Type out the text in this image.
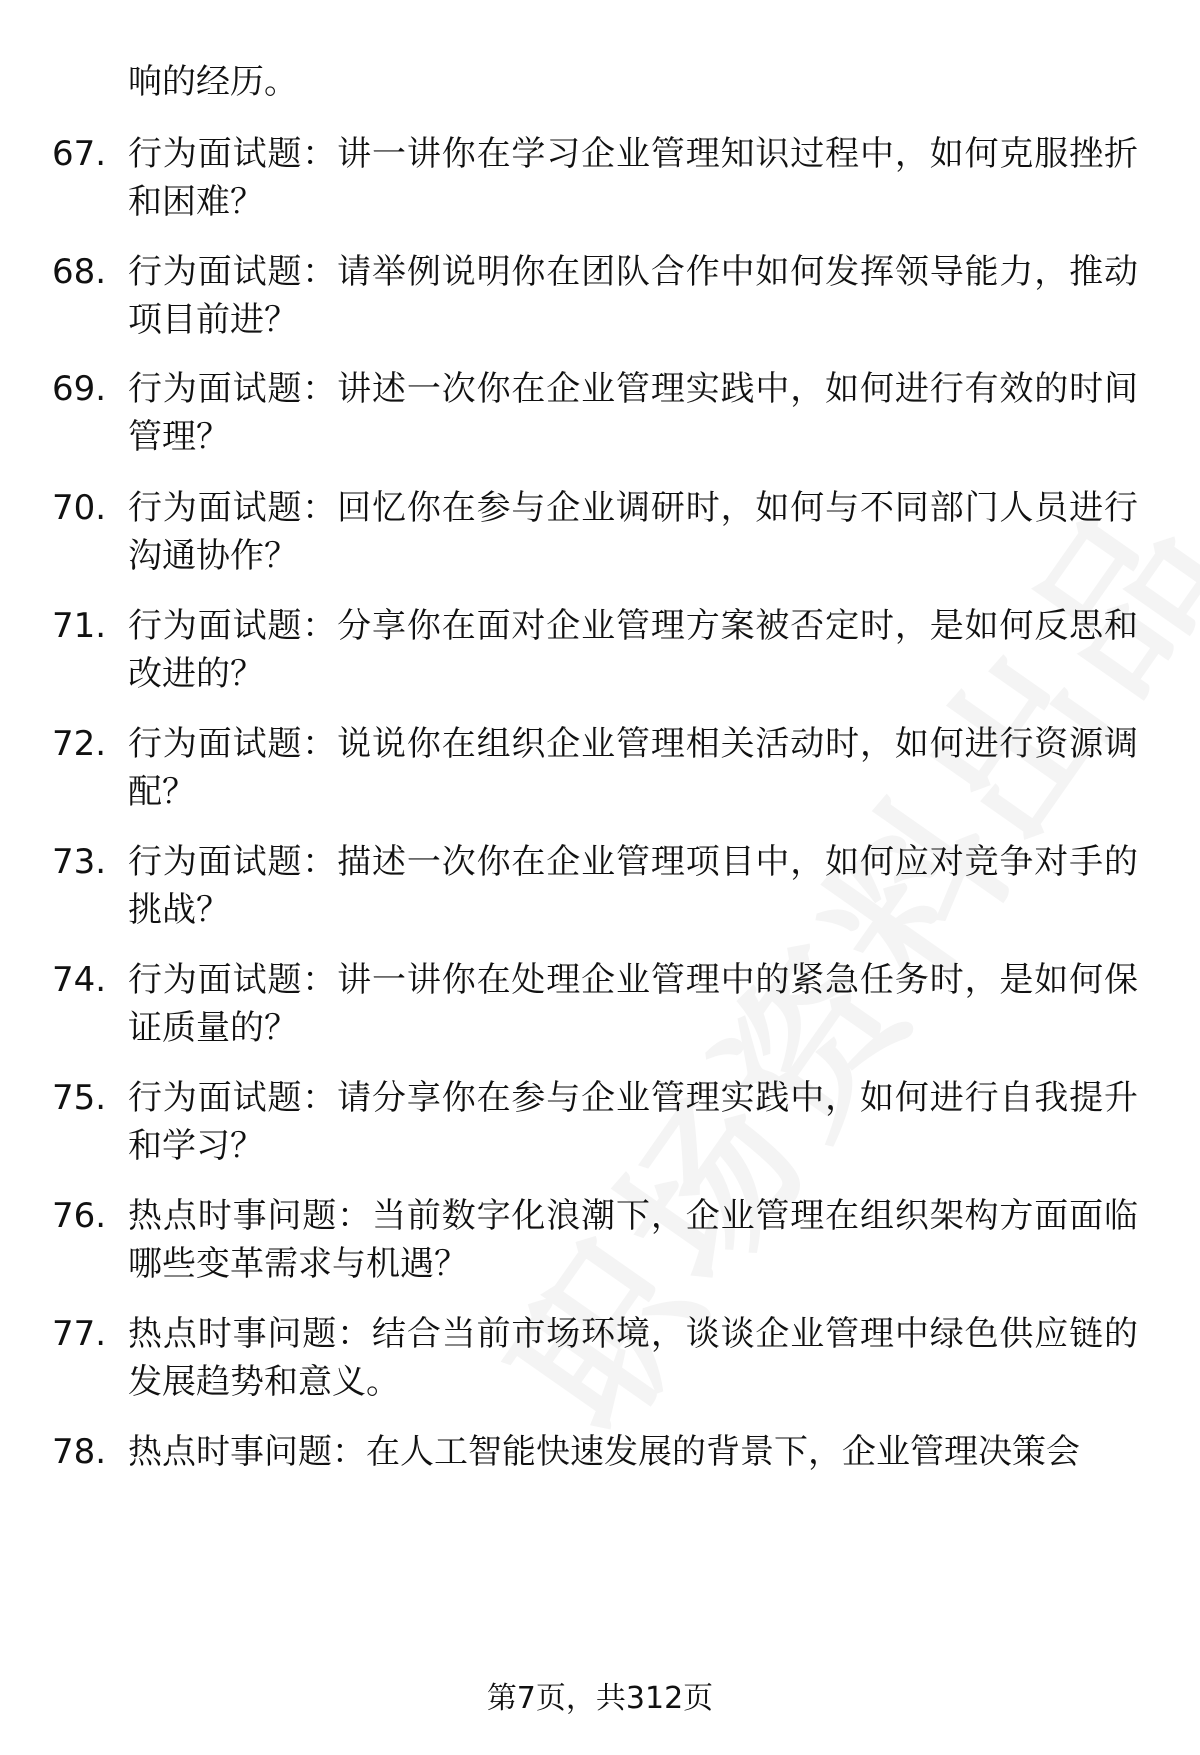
响的经历。
67. 行为面试题：讲一讲你在学习企业管理知识过程中，如何克服挫折和困难？
68. 行为面试题：请举例说明你在团队合作中如何发挥领导能力，推动项目前进？
69. 行为面试题：讲述一次你在企业管理实践中，如何进行有效的时间管理？
70. 行为面试题：回忆你在参与企业调研时，如何与不同部门人员进行沟通协作？
71. 行为面试题：分享你在面对企业管理方案被否定时，是如何反思和改进的？
72. 行为面试题：说说你在组织企业管理相关活动时，如何进行资源调配？
73. 行为面试题：描述一次你在企业管理项目中，如何应对竞争对手的挑战？
74. 行为面试题：讲一讲你在处理企业管理中的紧急任务时，是如何保证质量的？
75. 行为面试题：请分享你在参与企业管理实践中，如何进行自我提升和学习？
76. 热点时事问题：当前数字化浪潮下，企业管理在组织架构方面面临哪些变革需求与机遇？
77. 热点时事问题：结合当前市场环境，谈谈企业管理中绿色供应链的发展趋势和意义。
78. 热点时事问题：在人工智能快速发展的背景下，企业管理决策会
第7页，共312页
